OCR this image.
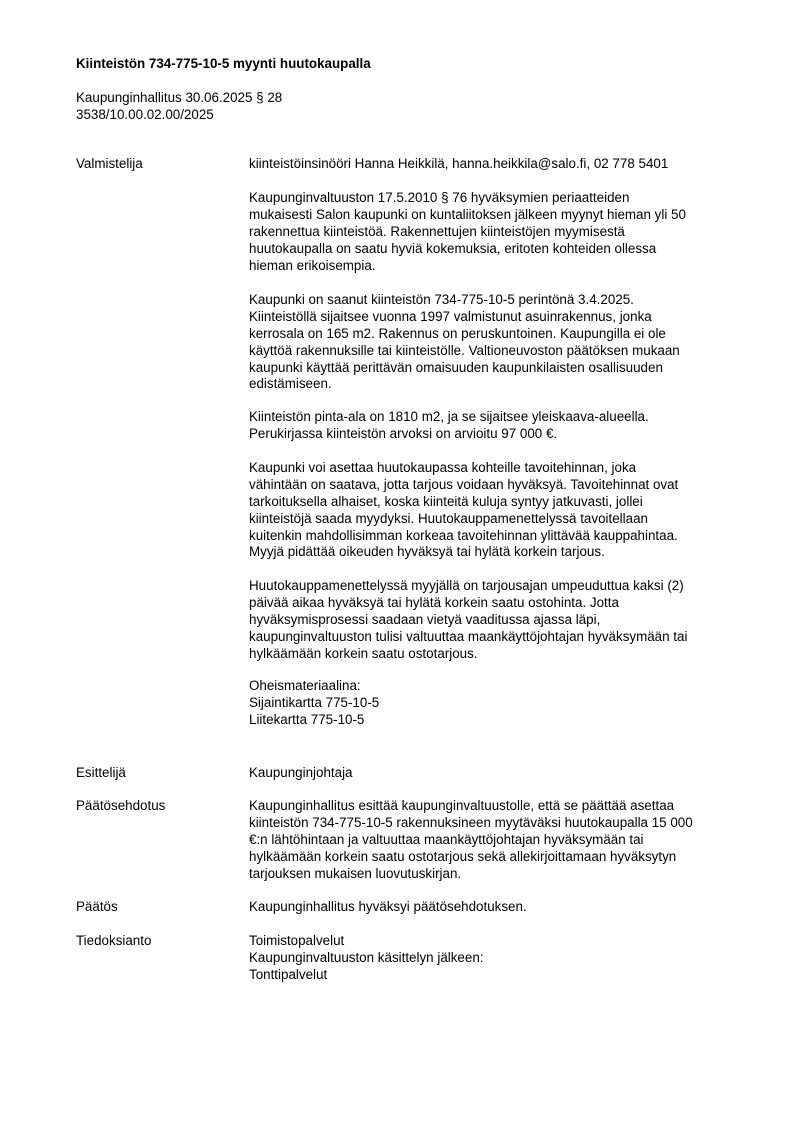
Kiinteistön 734-775-10-5 myynti huutokaupalla
Kaupunginhallitus 30.06.2025 § 28
3538/10.00.02.00/2025
Valmistelija	kiinteistöinsinööri Hanna Heikkilä, hanna.heikkila@salo.fi, 02 778 5401
Kaupunginvaltuuston 17.5.2010 § 76 hyväksymien periaatteiden
mukaisesti Salon kaupunki on kuntaliitoksen jälkeen myynyt hieman yli 50
rakennettua kiinteistöä. Rakennettujen kiinteistöjen myymisestä
huutokaupalla on saatu hyviä kokemuksia, eritoten kohteiden ollessa
hieman erikoisempia.
Kaupunki on saanut kiinteistön 734-775-10-5 perintönä 3.4.2025.
Kiinteistöllä sijaitsee vuonna 1997 valmistunut asuinrakennus, jonka
kerrosala on 165 m2. Rakennus on peruskuntoinen. Kaupungilla ei ole
käyttöä rakennuksille tai kiinteistölle. Valtioneuvoston päätöksen mukaan
kaupunki käyttää perittävän omaisuuden kaupunkilaisten osallisuuden
edistämiseen.
Kiinteistön pinta-ala on 1810 m2, ja se sijaitsee yleiskaava-alueella.
Perukirjassa kiinteistön arvoksi on arvioitu 97 000 €.
Kaupunki voi asettaa huutokaupassa kohteille tavoitehinnan, joka
vähintään on saatava, jotta tarjous voidaan hyväksyä. Tavoitehinnat ovat
tarkoituksella alhaiset, koska kiinteitä kuluja syntyy jatkuvasti, jollei
kiinteistöjä saada myydyksi. Huutokauppamenettelyssä tavoitellaan
kuitenkin mahdollisimman korkeaa tavoitehinnan ylittävää kauppahintaa.
Myyjä pidättää oikeuden hyväksyä tai hylätä korkein tarjous.
Huutokauppamenettelyssä myyjällä on tarjousajan umpeuduttua kaksi (2)
päivää aikaa hyväksyä tai hylätä korkein saatu ostohinta. Jotta
hyväksymisprosessi saadaan vietyä vaaditussa ajassa läpi,
kaupunginvaltuuston tulisi valtuuttaa maankäyttöjohtajan hyväksymään tai
hylkäämään korkein saatu ostotarjous.
Oheismateriaalina:
Sijaintikartta 775-10-5
Liitekartta 775-10-5
Esittelijä	Kaupunginjohtaja
Päätösehdotus	Kaupunginhallitus esittää kaupunginvaltuustolle, että se päättää asettaa
kiinteistön 734-775-10-5 rakennuksineen myytäväksi huutokaupalla 15 000
€:n lähtöhintaan ja valtuuttaa maankäyttöjohtajan hyväksymään tai
hylkäämään korkein saatu ostotarjous sekä allekirjoittamaan hyväksytyn
tarjouksen mukaisen luovutuskirjan.
Päätös	Kaupunginhallitus hyväksyi päätösehdotuksen.
Tiedoksianto	Toimistopalvelut
Kaupunginvaltuuston käsittelyn jälkeen:
Tonttipalvelut
